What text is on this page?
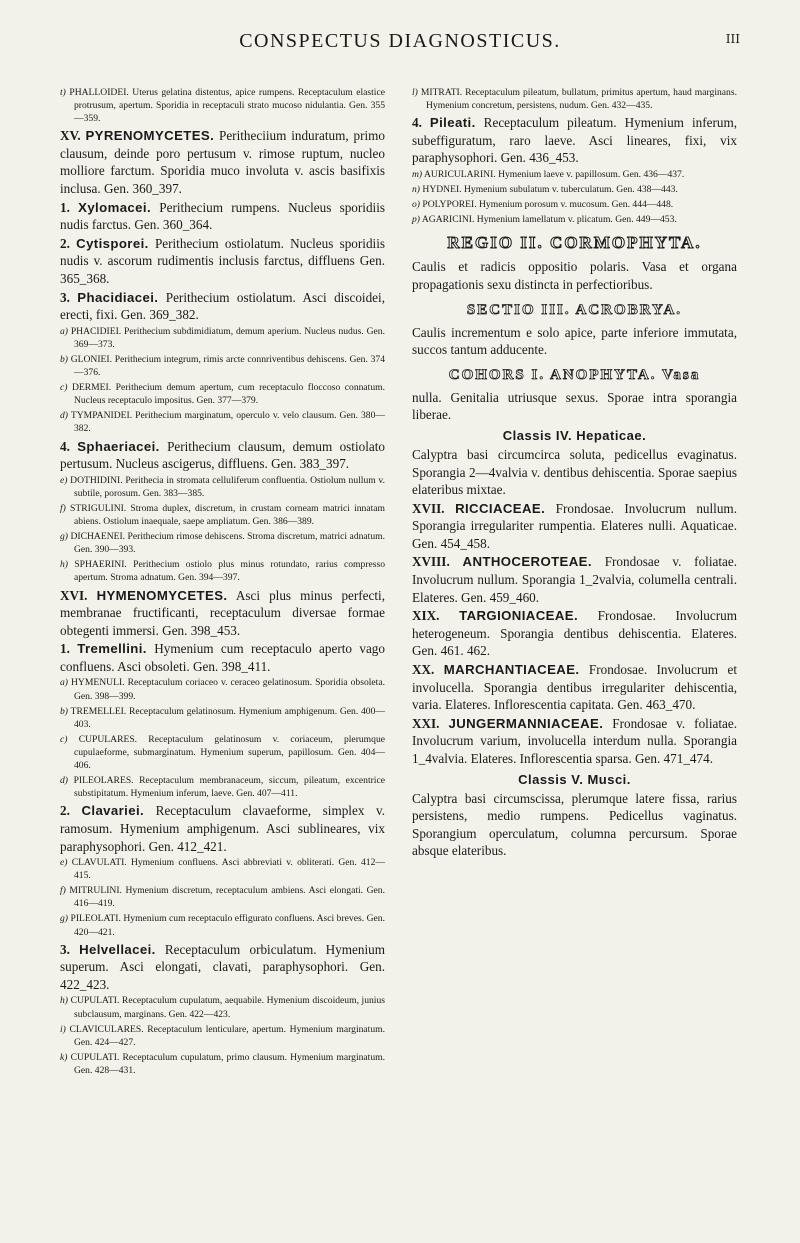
CONSPECTUS DIAGNOSTICUS.	III
t) PHALLOIDEI. Uterus gelatina distentus, apice rumpens. Receptaculum elastice protrusum, apertum. Sporidia in receptaculi strato mucoso nidulantia. Gen. 355—359.
XV. PYRENOMYCETES. Peritheciium induratum, primo clausum, deinde poro pertusum v. rimose ruptum, nucleo molliore farctum. Sporidia muco involuta v. ascis basifixis inclusa. Gen. 360_397.
1. Xylomacei. Perithecium rumpens. Nucleus sporidiis nudis farctus. Gen. 360_364.
2. Cytisporei. Perithecium ostiolatum. Nucleus sporidiis nudis v. ascorum rudimentis inclusis farctus, diffluens Gen. 365_368.
3. Phacidiacei. Perithecium ostiolatum. Asci discoidei, erecti, fixi. Gen. 369_382.
a) PHACIDIEI. Perithecium subdimidiatum, demum aperium. Nucleus nudus. Gen. 369—373.
b) GLONIEI. Perithecium integrum, rimis arcte connriventibus dehiscens. Gen. 374—376.
c) DERMEI. Perithecium demum apertum, cum receptaculo floccoso connatum. Nucleus receptaculo impositus. Gen. 377—379.
d) TYMPANIDEI. Perithecium marginatum, operculo v. velo clausum. Gen. 380—382.
4. Sphaeriacei. Perithecium clausum, demum ostiolato pertusum. Nucleus ascigerus, diffluens. Gen. 383_397.
e) DOTHIDINI. Perithecia in stromata celluliferum confluentia. Ostiolum nullum v. subtile, porosum. Gen. 383—385.
f) STRIGULINI. Stroma duplex, discretum, in crustam corneam matrici innatam abiens. Ostiolum inaequale, saepe ampliatum. Gen. 386—389.
g) DICHAENEI. Perithecium rimose dehiscens. Stroma discretum, matrici adnatum. Gen. 390—393.
h) SPHAERINI. Perithecium ostiolo plus minus rotundato, rarius compresso apertum. Stroma adnatum. Gen. 394—397.
XVI. HYMENOMYCETES. Asci plus minus perfecti, membranae fructificanti, receptaculum diversae formae obtegenti immersi. Gen. 398_453.
1. Tremellini. Hymenium cum receptaculo aperto vago confluens. Asci obsoleti. Gen. 398_411.
a) HYMENULI. Receptaculum coriaceo v. ceraceo gelatinosum. Sporidia obsoleta. Gen. 398—399.
b) TREMELLEI. Receptaculum gelatinosum. Hymenium amphigenum. Gen. 400—403.
c) CUPULARES. Receptaculum gelatinosum v. coriaceum, plerumque cupulaeforme, submarginatum. Hymenium superum, papillosum. Gen. 404—406.
d) PILEOLARES. Receptaculum membranaceum, siccum, pileatum, excentrice substipitatum. Hymenium inferum, laeve. Gen. 407—411.
2. Clavariei. Receptaculum clavaeforme, simplex v. ramosum. Hymenium amphigenum. Asci sublineares, vix paraphysophori. Gen. 412_421.
e) CLAVULATI. Hymenium confluens. Asci abbreviati v. obliterati. Gen. 412—415.
f) MITRULINI. Hymenium discretum, receptaculum ambiens. Asci elongati. Gen. 416—419.
g) PILEOLATI. Hymenium cum receptaculo effigurato confluens. Asci breves. Gen. 420—421.
3. Helvellacei. Receptaculum orbiculatum. Hymenium superum. Asci elongati, clavati, paraphysophori. Gen. 422_423.
h) CUPULATI. Receptaculum cupulatum, aequabile. Hymenium discoideum, junius subclausum, marginans. Gen. 422—423.
i) CLAVICULARES. Receptaculum lenticulare, apertum. Hymenium marginatum. Gen. 424—427.
k) CUPULATI. Receptaculum cupulatum, primo clausum. Hymenium marginatum. Gen. 428—431.
l) MITRATI. Receptaculum pileatum, bullatum, primitus apertum, haud marginans. Hymenium concretum, persistens, nudum. Gen. 432—435.
4. Pileati. Receptaculum pileatum. Hymenium inferum, subeffiguratum, raro laeve. Asci lineares, fixi, vix paraphysophori. Gen. 436_453.
m) AURICULARINI. Hymenium laeve v. papillosum. Gen. 436—437.
n) HYDNEI. Hymenium subulatum v. tuberculatum. Gen. 438—443.
o) POLYPOREI. Hymenium porosum v. mucosum. Gen. 444—448.
p) AGARICINI. Hymenium lamellatum v. plicatum. Gen. 449—453.
REGIO II. CORMOPHYTA.
Caulis et radicis oppositio polaris. Vasa et organa propagationis sexu distincta in perfectioribus.
SECTIO III. ACROBRYA.
Caulis incrementum e solo apice, parte inferiore immutata, succos tantum adducente.
COHORS I. ANOPHYTA. Vasa
nulla. Genitalia utriusque sexus. Sporae intra sporangia liberae.
Classis IV. Hepaticae.
Calyptra basi circumcirca soluta, pedicellus evaginatus. Sporangia 2—4valvia v. dentibus dehiscentia. Sporae saepius elateribus mixtae.
XVII. RICCIACEAE. Frondosae. Involucrum nullum. Sporangia irregulariter rumpentia. Elateres nulli. Aquaticae. Gen. 454_458.
XVIII. ANTHOCEROTEAE. Frondosae v. foliatae. Involucrum nullum. Sporangia 1_2valvia, columella centrali. Elateres. Gen. 459_460.
XIX. TARGIONIACEAE. Frondosae. Involucrum heterogeneum. Sporangia dentibus dehiscentia. Elateres. Gen. 461. 462.
XX. MARCHANTIACEAE. Frondosae. Involucrum et involucella. Sporangia dentibus irregulariter dehiscentia, varia. Elateres. Inflorescentia capitata. Gen. 463_470.
XXI. JUNGERMANNIACEAE. Frondosae v. foliatae. Involucrum varium, involucella interdum nulla. Sporangia 1_4valvia. Elateres. Inflorescentia sparsa. Gen. 471_474.
Classis V. Musci.
Calyptra basi circumscissa, plerumque latere fissa, rarius persistens, medio rumpens. Pedicellus vaginatus. Sporangium operculatum, columna percursum. Sporae absque elateribus.
